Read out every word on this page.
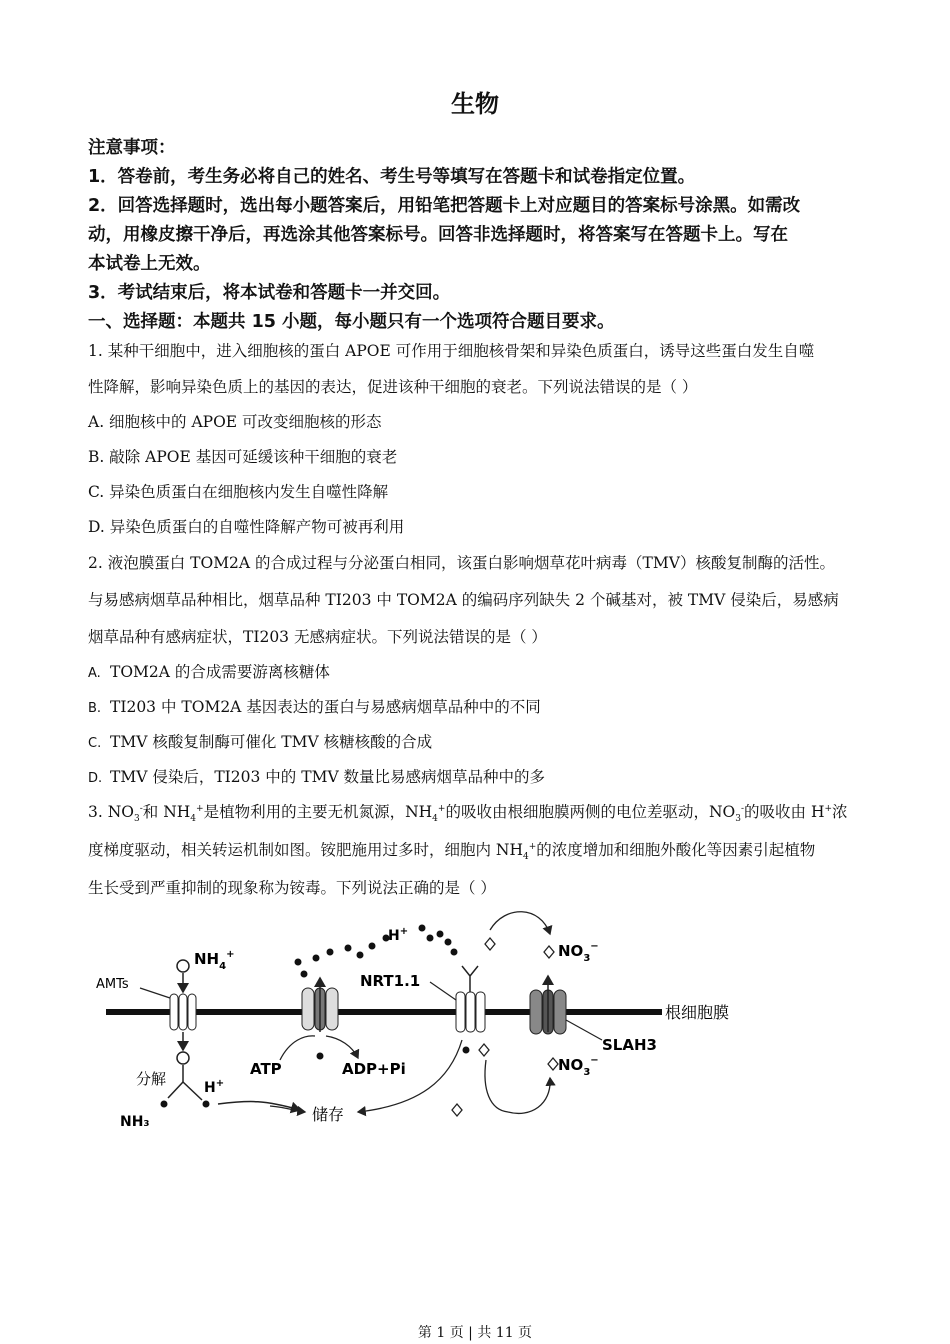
生物
注意事项：
1．答卷前，考生务必将自己的姓名、考生号等填写在答题卡和试卷指定位置。
2．回答选择题时，选出每小题答案后，用铅笔把答题卡上对应题目的答案标号涂黑。如需改
动，用橡皮擦干净后，再选涂其他答案标号。回答非选择题时，将答案写在答题卡上。写在
本试卷上无效。
3．考试结束后，将本试卷和答题卡一并交回。
一、选择题：本题共 15 小题，每小题只有一个选项符合题目要求。
1. 某种干细胞中，进入细胞核的蛋白 APOE 可作用于细胞核骨架和异染色质蛋白，诱导这些蛋白发生自噬
性降解，影响异染色质上的基因的表达，促进该种干细胞的衰老。下列说法错误的是（ ）
A. 细胞核中的 APOE 可改变细胞核的形态
B. 敲除 APOE 基因可延缓该种干细胞的衰老
C. 异染色质蛋白在细胞核内发生自噬性降解
D. 异染色质蛋白的自噬性降解产物可被再利用
2. 液泡膜蛋白 TOM2A 的合成过程与分泌蛋白相同，该蛋白影响烟草花叶病毒（TMV）核酸复制酶的活性。
与易感病烟草品种相比，烟草品种 TI203 中 TOM2A 的编码序列缺失 2 个碱基对，被 TMV 侵染后，易感病
烟草品种有感病症状，TI203 无感病症状。下列说法错误的是（ ）
A. TOM2A 的合成需要游离核糖体
B. TI203 中 TOM2A 基因表达的蛋白与易感病烟草品种中的不同
C. TMV 核酸复制酶可催化 TMV 核糖核酸的合成
D. TMV 侵染后，TI203 中的 TMV 数量比易感病烟草品种中的多
3. $NO_3^-$和 $NH_4^+$是植物利用的主要无机氮源，$NH_4^+$的吸收由根细胞膜两侧的电位差驱动，$NO_3^-$的吸收由 H+浓
度梯度驱动，相关转运机制如图。铵肥施用过多时，细胞内 $NH_4^+$的浓度增加和细胞外酸化等因素引起植物
生长受到严重抑制的现象称为铵毒。下列说法正确的是（ ）
根细胞膜
AMTs
$NH_4^+$
分解	H+
NH₃
ATP	ADP+Pi
储存
H+
NRT1.1
$NO_3^-$
$NO_3^-$
SLAH3
第 1 页 | 共 11 页
